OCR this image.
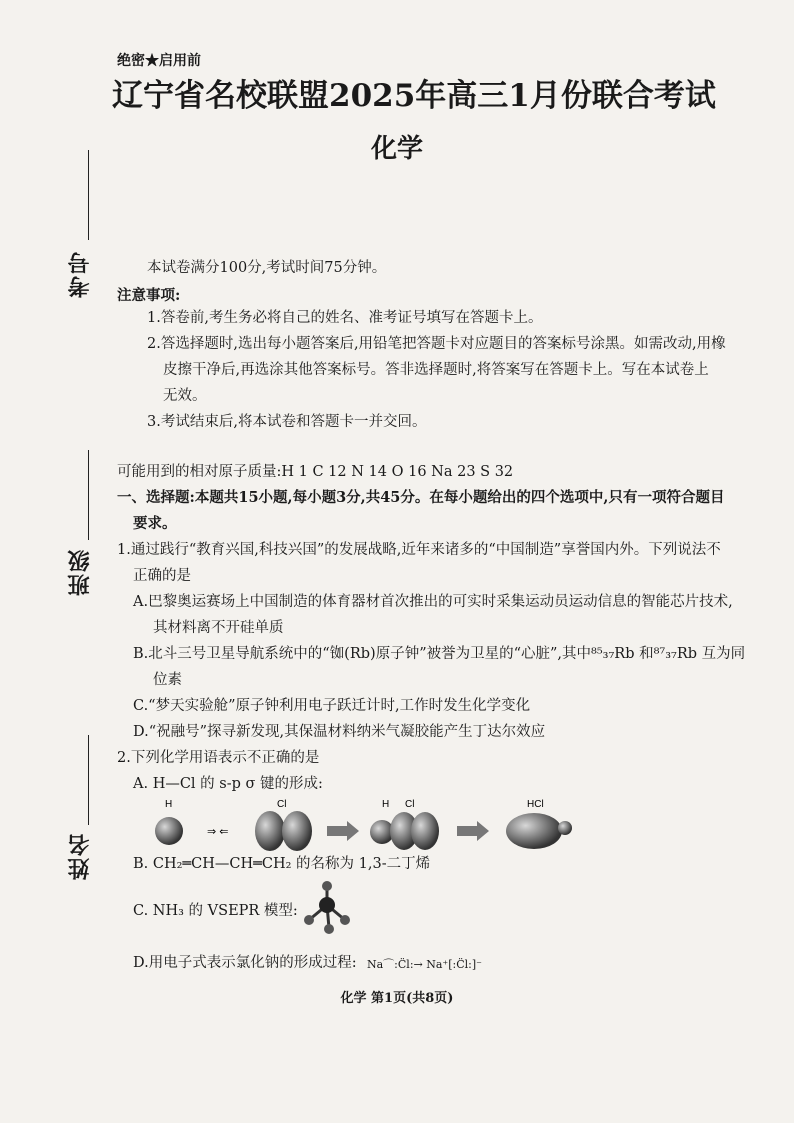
绝密★启用前
辽宁省名校联盟2025年高三1月份联合考试
化学
考号
班级
姓名
本试卷满分100分,考试时间75分钟。
注意事项:
1.答卷前,考生务必将自己的姓名、准考证号填写在答题卡上。
2.答选择题时,选出每小题答案后,用铅笔把答题卡对应题目的答案标号涂黑。如需改动,用橡
皮擦干净后,再选涂其他答案标号。答非选择题时,将答案写在答题卡上。写在本试卷上
无效。
3.考试结束后,将本试卷和答题卡一并交回。
可能用到的相对原子质量:H 1 C 12 N 14 O 16 Na 23 S 32
一、选择题:本题共15小题,每小题3分,共45分。在每小题给出的四个选项中,只有一项符合题目
要求。
1.通过践行“教育兴国,科技兴国”的发展战略,近年来诸多的“中国制造”享誉国内外。下列说法不
正确的是
A.巴黎奥运赛场上中国制造的体育器材首次推出的可实时采集运动员运动信息的智能芯片技术,
其材料离不开硅单质
B.北斗三号卫星导航系统中的“铷(Rb)原子钟”被誉为卫星的“心脏”,其中⁸⁵₃₇Rb 和⁸⁷₃₇Rb 互为同
位素
C.“梦天实验舱”原子钟利用电子跃迁计时,工作时发生化学变化
D.“祝融号”探寻新发现,其保温材料纳米气凝胶能产生丁达尔效应
2.下列化学用语表示不正确的是
A. H—Cl 的 s-p σ 键的形成:
H
⇒ ⇐
Cl	H Cl	HCl
B. CH₂═CH—CH═CH₂ 的名称为 1,3-二丁烯
C. NH₃ 的 VSEPR 模型:
D.用电子式表示氯化钠的形成过程: Na⌒:C̈l:→ Na⁺[:C̈l:]⁻
化学 第1页(共8页)
